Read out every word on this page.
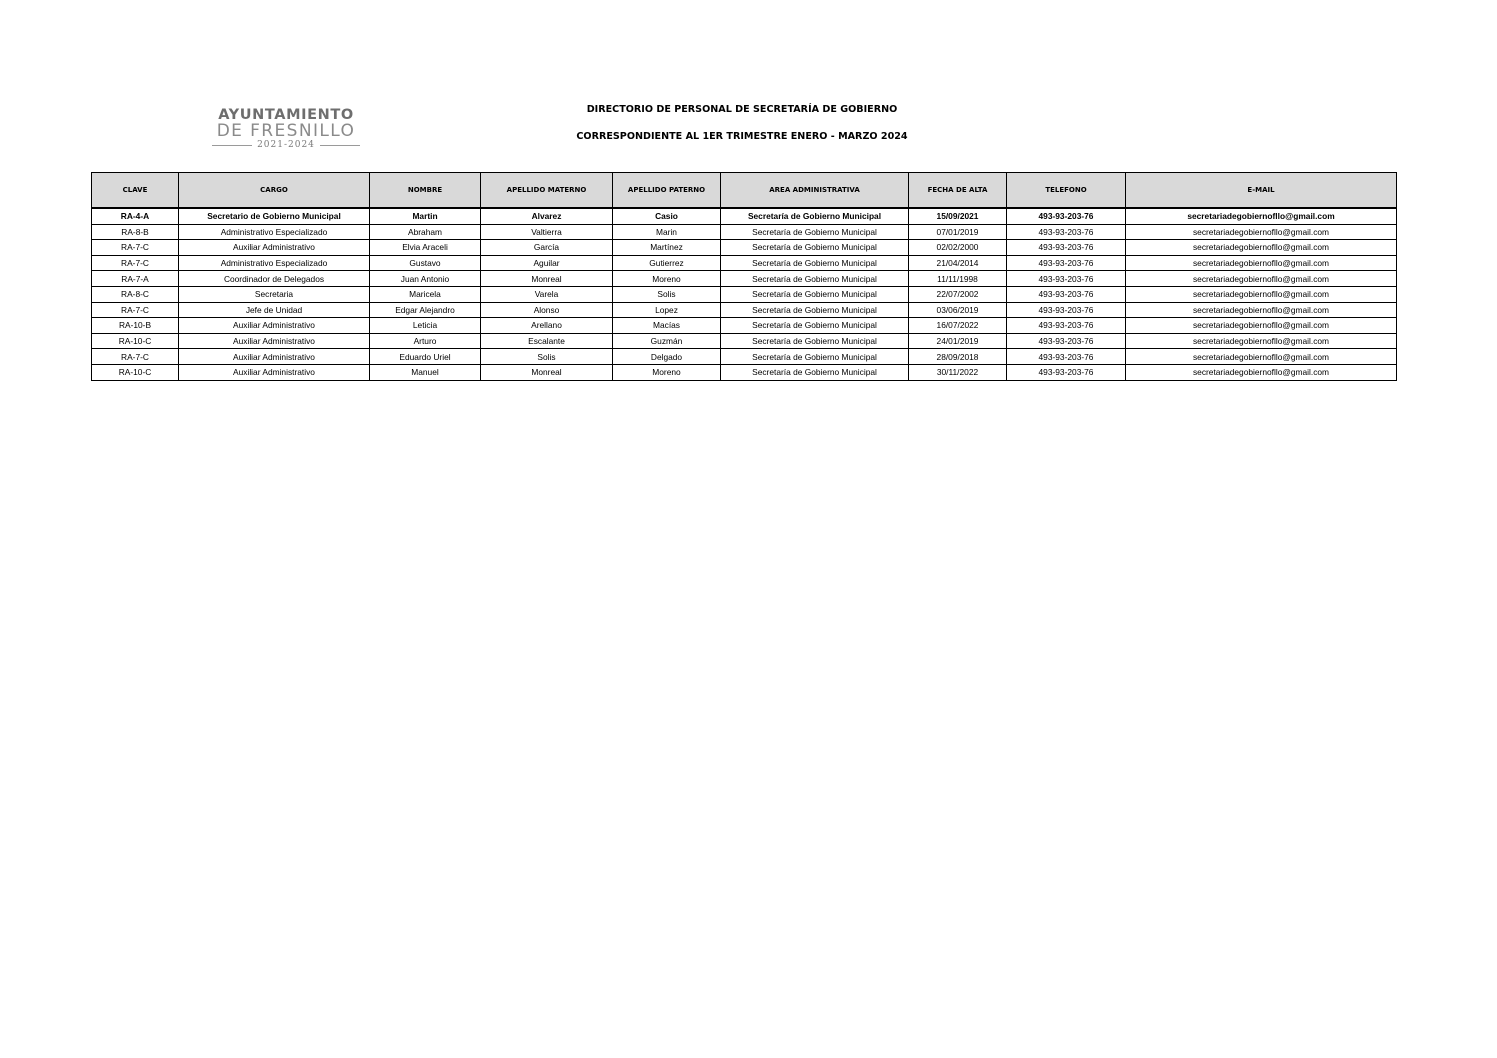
AYUNTAMIENTO
DE FRESNILLO
2021-2024
DIRECTORIO DE PERSONAL DE SECRETARÍA DE GOBIERNO
CORRESPONDIENTE AL 1ER TRIMESTRE ENERO - MARZO 2024
CLAVE	CARGO	NOMBRE	APELLIDO MATERNO	APELLIDO PATERNO	AREA ADMINISTRATIVA	FECHA DE ALTA	TELEFONO	E-MAIL
RA-4-A	Secretario de Gobierno Municipal	Martin	Alvarez	Casio	Secretaría de Gobierno Municipal	15/09/2021	493-93-203-76	secretariadegobiernofllo@gmail.com
RA-8-B	Administrativo Especializado	Abraham	Valtierra	Marin	Secretaría de Gobierno Municipal	07/01/2019	493-93-203-76	secretariadegobiernofllo@gmail.com
RA-7-C	Auxiliar Administrativo	Elvia Araceli	García	Martínez	Secretaría de Gobierno Municipal	02/02/2000	493-93-203-76	secretariadegobiernofllo@gmail.com
RA-7-C	Administrativo Especializado	Gustavo	Aguilar	Gutierrez	Secretaría de Gobierno Municipal	21/04/2014	493-93-203-76	secretariadegobiernofllo@gmail.com
RA-7-A	Coordinador de Delegados	Juan Antonio	Monreal	Moreno	Secretaría de Gobierno Municipal	11/11/1998	493-93-203-76	secretariadegobiernofllo@gmail.com
RA-8-C	Secretaria	Maricela	Varela	Solis	Secretaría de Gobierno Municipal	22/07/2002	493-93-203-76	secretariadegobiernofllo@gmail.com
RA-7-C	Jefe de Unidad	Edgar Alejandro	Alonso	Lopez	Secretaría de Gobierno Municipal	03/06/2019	493-93-203-76	secretariadegobiernofllo@gmail.com
RA-10-B	Auxiliar Administrativo	Leticia	Arellano	Macías	Secretaría de Gobierno Municipal	16/07/2022	493-93-203-76	secretariadegobiernofllo@gmail.com
RA-10-C	Auxiliar Administrativo	Arturo	Escalante	Guzmán	Secretaría de Gobierno Municipal	24/01/2019	493-93-203-76	secretariadegobiernofllo@gmail.com
RA-7-C	Auxiliar Administrativo	Eduardo Uriel	Solis	Delgado	Secretaría de Gobierno Municipal	28/09/2018	493-93-203-76	secretariadegobiernofllo@gmail.com
RA-10-C	Auxiliar Administrativo	Manuel	Monreal	Moreno	Secretaría de Gobierno Municipal	30/11/2022	493-93-203-76	secretariadegobiernofllo@gmail.com
